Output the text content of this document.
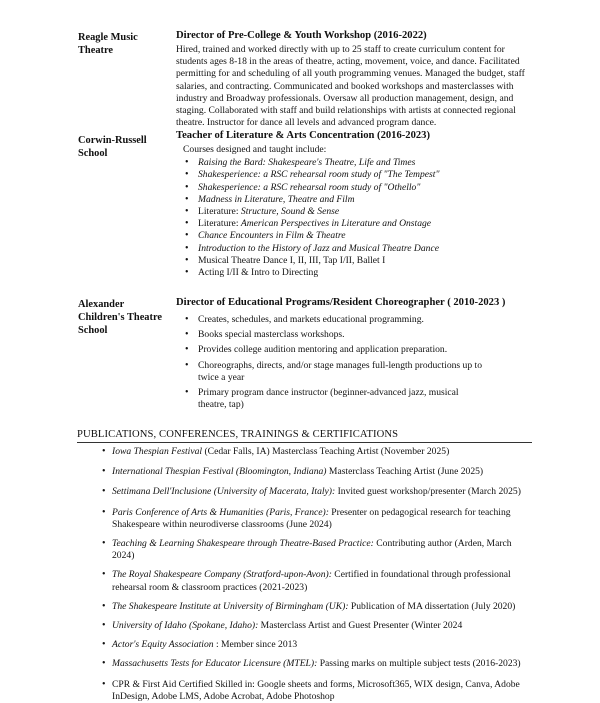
Reagle Music Theatre
Director of Pre-College & Youth Workshop (2016-2022)

Hired, trained and worked directly with up to 25 staff to create curriculum content for students ages 8-18 in the areas of theatre, acting, movement, voice, and dance. Facilitated permitting for and scheduling of all youth programming venues. Managed the budget, staff salaries, and contracting. Communicated and booked workshops and masterclasses with industry and Broadway professionals. Oversaw all production management, design, and staging. Collaborated with staff and build relationships with artists at connected regional theatre. Instructor for dance all levels and advanced program dance.

Corwin-Russell School
Teacher of Literature & Arts Concentration (2016-2023)

Courses designed and taught include:

• Raising the Bard: Shakespeare's Theatre, Life and Times
• Shakesperience: a RSC rehearsal room study of "The Tempest"
• Shakesperience: a RSC rehearsal room study of "Othello"
• Madness in Literature, Theatre and Film
• Literature: Structure, Sound & Sense
• Literature: American Perspectives in Literature and Onstage
• Chance Encounters in Film & Theatre
• Introduction to the History of Jazz and Musical Theatre Dance
• Musical Theatre Dance I, II, III, Tap I/II, Ballet I
• Acting I/II & Intro to Directing
Alexander Children's Theatre School
Director of Educational Programs/Resident Choreographer ( 2010-2023 )
• Creates, schedules, and markets educational programming.
• Books special masterclass workshops.
• Provides college audition mentoring and application preparation.
• Choreographs, directs, and/or stage manages full-length productions up to twice a year
• Primary program dance instructor (beginner-advanced jazz, musical theatre, tap)
PUBLICATIONS, CONFERENCES, TRAININGS & CERTIFICATIONS
• Iowa Thespian Festival (Cedar Falls, IA) Masterclass Teaching Artist (November 2025)
• International Thespian Festival (Bloomington, Indiana) Masterclass Teaching Artist (June 2025)
• Settimana Dell'Inclusione (University of Macerata, Italy): Invited guest workshop/presenter (March 2025)
• Paris Conference of Arts & Humanities (Paris, France): Presenter on pedagogical research for teaching Shakespeare within neurodiverse classrooms (June 2024)
• Teaching & Learning Shakespeare through Theatre-Based Practice: Contributing author (Arden, March 2024)
• The Royal Shakespeare Company (Stratford-upon-Avon): Certified in foundational through professional rehearsal room & classroom practices (2021-2023)
• The Shakespeare Institute at University of Birmingham (UK): Publication of MA dissertation (July 2020)
• University of Idaho (Spokane, Idaho): Masterclass Artist and Guest Presenter (Winter 2024
• Actor's Equity Association : Member since 2013
• Massachusetts Tests for Educator Licensure (MTEL): Passing marks on multiple subject tests (2016-2023)
• CPR & First Aid Certified Skilled in: Google sheets and forms, Microsoft365, WIX design, Canva, Adobe InDesign, Adobe LMS, Adobe Acrobat, Adobe Photoshop
